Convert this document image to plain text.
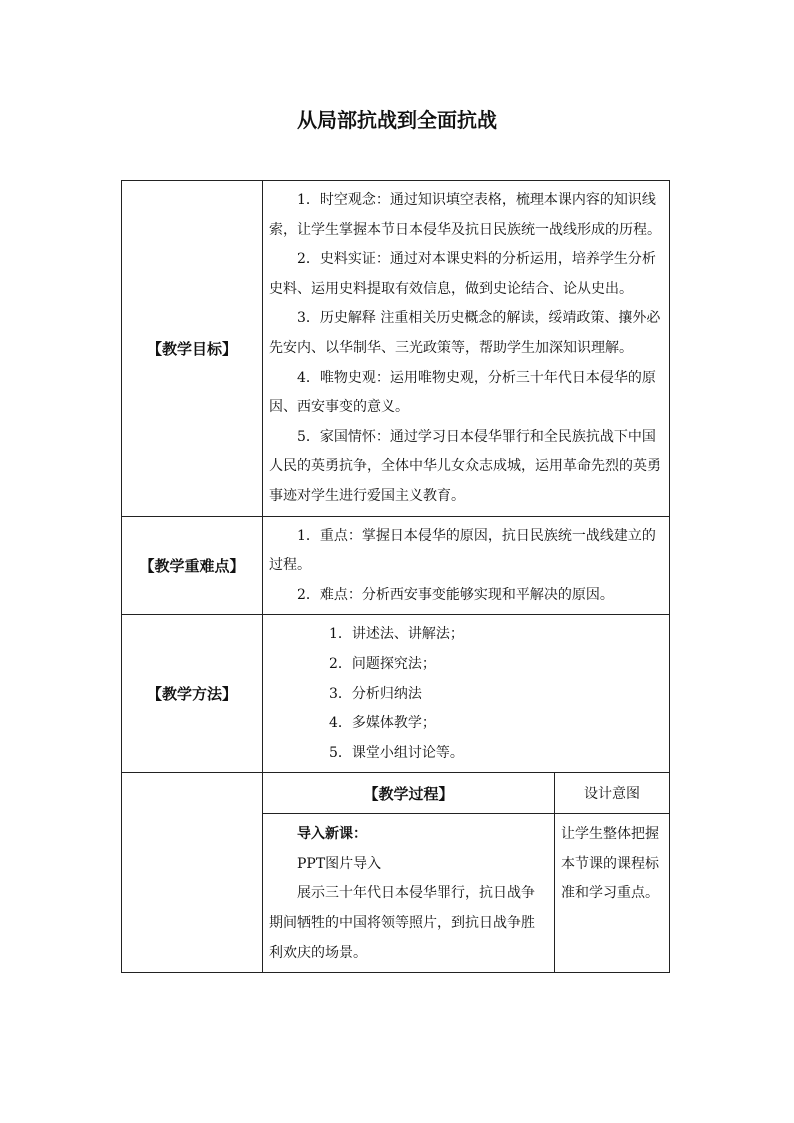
从局部抗战到全面抗战
【教学目标】	1．时空观念：通过知识填空表格，梳理本课内容的知识线索，让学生掌握本节日本侵华及抗日民族统一战线形成的历程。

2．史料实证：通过对本课史料的分析运用，培养学生分析史料、运用史料提取有效信息，做到史论结合、论从史出。

3．历史解释 注重相关历史概念的解读，绥靖政策、攘外必先安内、以华制华、三光政策等，帮助学生加深知识理解。

4．唯物史观：运用唯物史观，分析三十年代日本侵华的原因、西安事变的意义。

5．家国情怀：通过学习日本侵华罪行和全民族抗战下中国人民的英勇抗争，全体中华儿女众志成城，运用革命先烈的英勇事迹对学生进行爱国主义教育。	

【教学重难点】	1．重点：掌握日本侵华的原因，抗日民族统一战线建立的过程。

2．难点：分析西安事变能够实现和平解决的原因。	

【教学方法】	1．讲述法、讲解法；

2．问题探究法；

3．分析归纳法

4．多媒体教学；

5．课堂小组讨论等。	

	【教学过程】	设计意图

	导入新课：

PPT图片导入

展示三十年代日本侵华罪行，抗日战争期间牺牲的中国将领等照片，到抗日战争胜利欢庆的场景。	让学生整体把握本节课的课程标准和学习重点。
